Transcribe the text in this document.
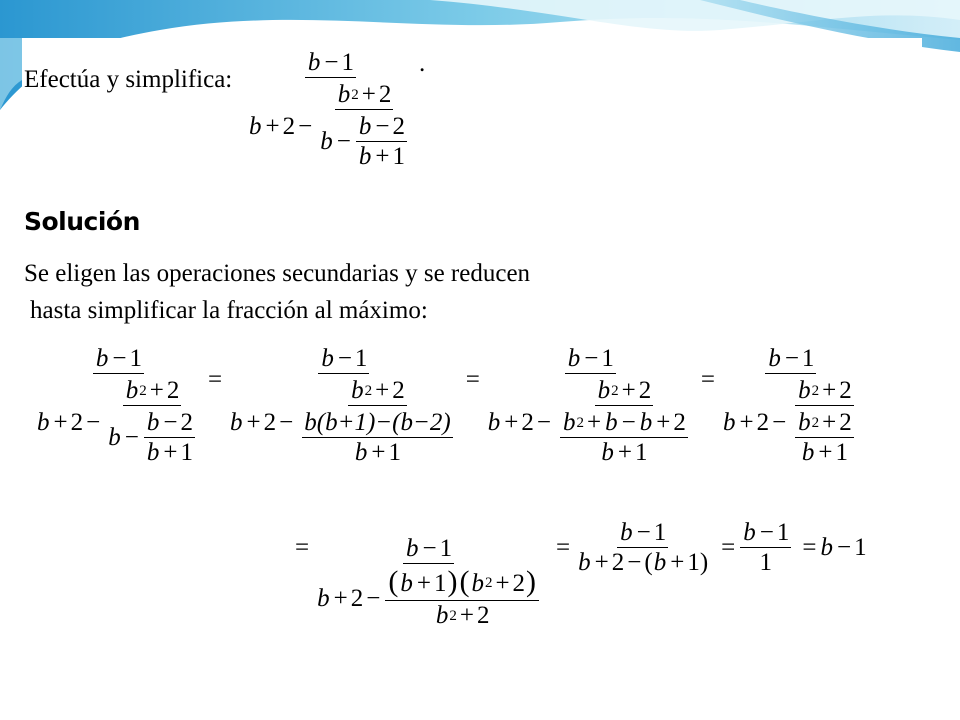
Efectúa y simplifica:
b − 1
$b + 2 - \frac{b 2 + 2}{b - \frac{b - 2}{b + 1}}$
.
Solución
Se eligen las operaciones secundarias y se reducen
hasta simplificar la fracción al máximo:
b − 1
$b + 2 - \frac{b 2 + 2}{b - \frac{b - 2}{b + 1}}$ =
b − 1
$b + 2 - \frac{b 2 + 2}{\frac{b(b+1)-(b-2)}{b + 1}}$ =
b − 1
$b + 2 - \frac{b 2 + 2}{\frac{b 2 + b - b + 2}{b + 1}}$ =
b − 1
$b + 2 - \frac{b 2 + 2}{\frac{b 2 + 2}{b + 1}}$
=	b − 1
$b + 2 - \frac{( b + 1 ) ( b 2 + 2 )}{b 2 + 2}$
= $\frac{b - 1}{b + 2 - ( b + 1 )} = \frac{b - 1}{1} = b - 1$
